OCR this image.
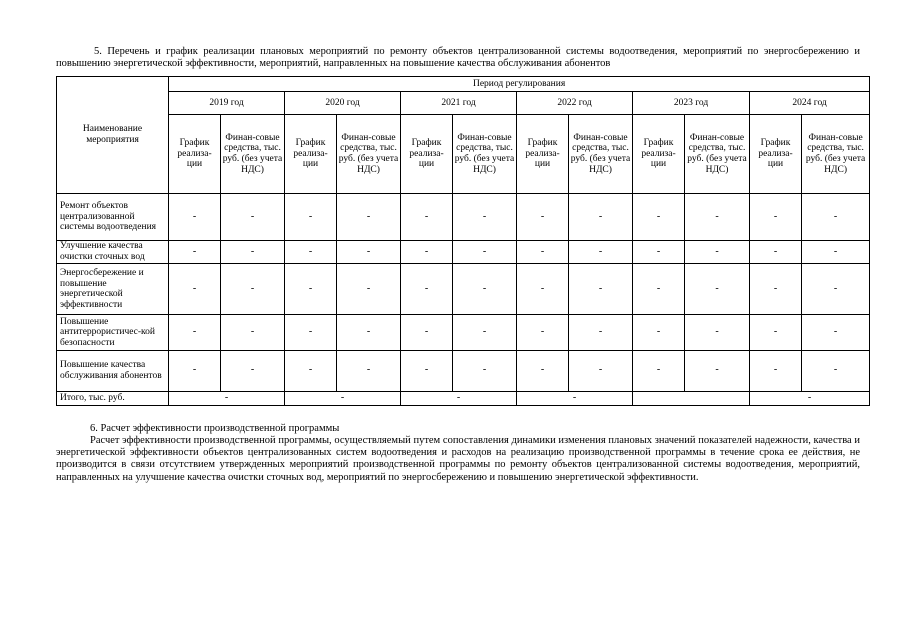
5. Перечень и график реализации плановых мероприятий по ремонту объектов централизованной системы водоотведения, мероприятий по энергосбережению и повышению энергетической эффективности, мероприятий, направленных на повышение качества обслуживания абонентов

Наименование мероприятия	Период регулирования											
	2019 год		2020 год		2021 год		2022 год		2023 год		2024 год	
	График реализа-ции	Финан-совые средства, тыс. руб. (без учета НДС)	График реализа-ции	Финан-совые средства, тыс. руб. (без учета НДС)	График реализа-ции	Финан-совые средства, тыс. руб. (без учета НДС)	График реализа-ции	Финан-совые средства, тыс. руб. (без учета НДС)	График реализа-ции	Финан-совые средства, тыс. руб. (без учета НДС)	График реализа-ции	Финан-совые средства, тыс. руб. (без учета НДС)
Ремонт объектов централизованной системы водоотведения	-	-	-	-	-	-	-	-	-	-	-	-
Улучшение качества очистки сточных вод	-	-	-	-	-	-	-	-	-	-	-	-
Энергосбережение и повышение энергетической эффективности	-	-	-	-	-	-	-	-	-	-	-	-
Повышение антитеррористичес-кой безопасности	-	-	-	-	-	-	-	-	-	-	-	-
Повышение качества обслуживания абонентов	-	-	-	-	-	-	-	-	-	-	-	-
Итого, тыс. руб.	-		-		-		-				-	

6. Расчет эффективности производственной программы

Расчет эффективности производственной программы, осуществляемый путем сопоставления динамики изменения плановых значений показателей надежности, качества и энергетической эффективности объектов централизованных систем водоотведения и расходов на реализацию производственной программы в течение срока ее действия, не производится в связи отсутствием утвержденных мероприятий производственной программы по ремонту объектов централизованной системы водоотведения, мероприятий, направленных на улучшение качества очистки сточных вод, мероприятий по энергосбережению и повышению энергетической эффективности.
